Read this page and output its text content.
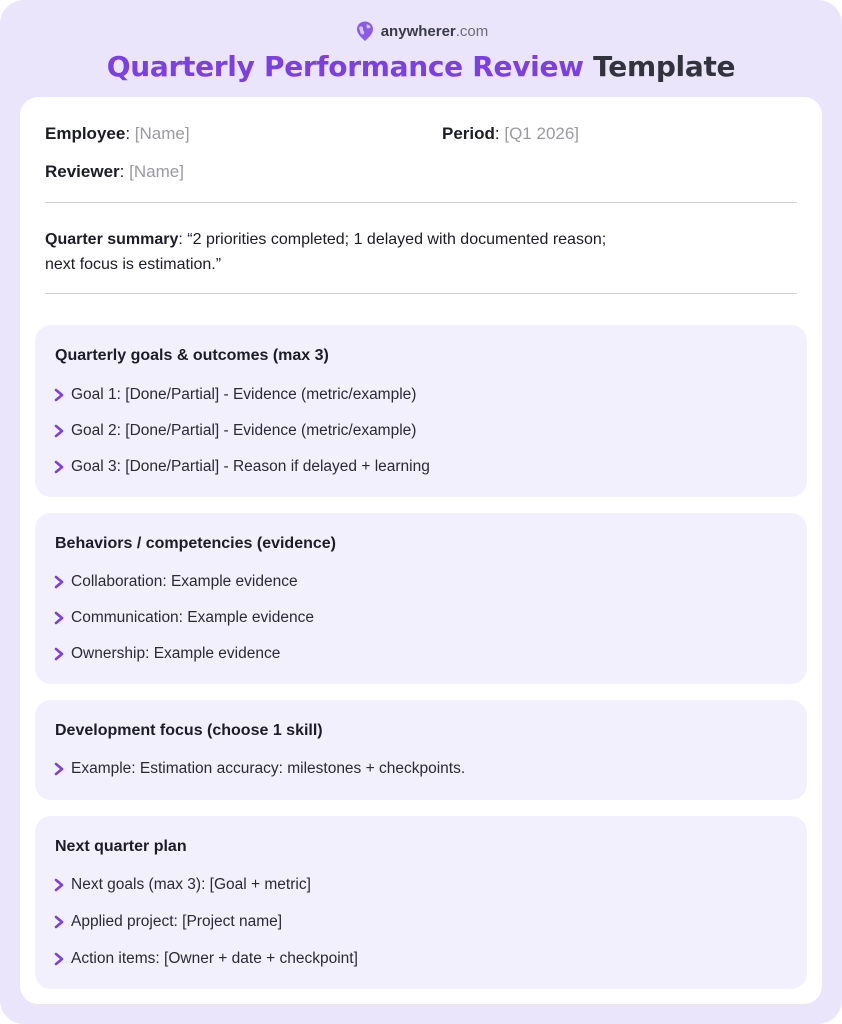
anywherer .com
Quarterly Performance Review Template
Employee: [Name]	Period: [Q1 2026]
Reviewer: [Name]
Quarter summary: “2 priorities completed; 1 delayed with documented reason;
next focus is estimation.”
Quarterly goals & outcomes (max 3)
Goal 1: [Done/Partial] - Evidence (metric/example)
Goal 2: [Done/Partial] - Evidence (metric/example)
Goal 3: [Done/Partial] - Reason if delayed + learning
Behaviors / competencies (evidence)
Collaboration: Example evidence
Communication: Example evidence
Ownership: Example evidence
Development focus (choose 1 skill)
Example: Estimation accuracy: milestones + checkpoints.
Next quarter plan
Next goals (max 3): [Goal + metric]
Applied project: [Project name]
Action items: [Owner + date + checkpoint]
